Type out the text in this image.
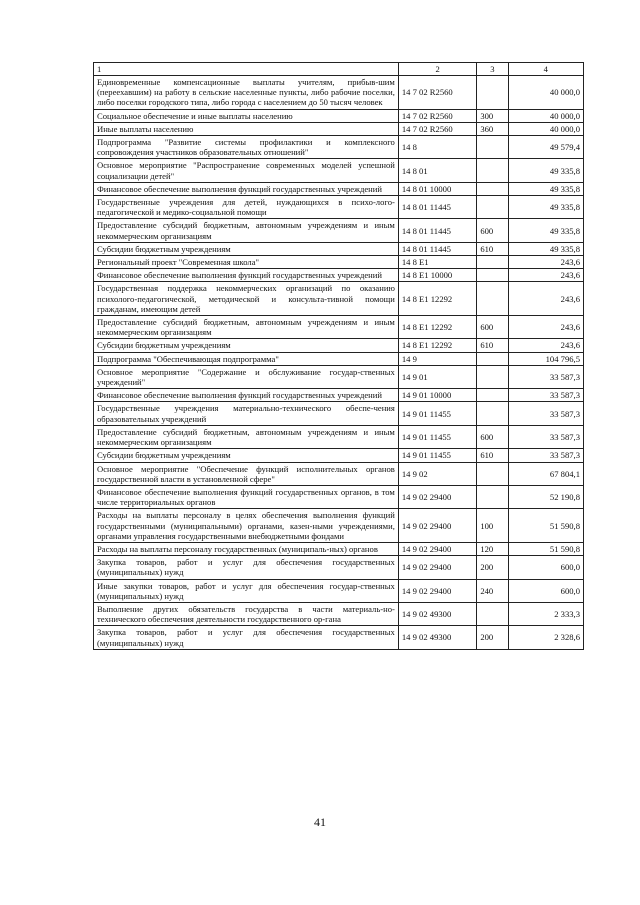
1	2	3	4
Единовременные компенсационные выплаты учителям, прибыв-шим (переехавшим) на работу в сельские населенные пункты, либо рабочие поселки, либо поселки городского типа, либо города с населением до 50 тысяч человек	14 7 02 R2560		40 000,0
Социальное обеспечение и иные выплаты населению	14 7 02 R2560	300	40 000,0
Иные выплаты населению	14 7 02 R2560	360	40 000,0
Подпрограмма "Развитие системы профилактики и комплексного сопровождения участников образовательных отношений"	14 8		49 579,4
Основное мероприятие "Распространение современных моделей успешной социализации детей"	14 8 01		49 335,8
Финансовое обеспечение выполнения функций государственных учреждений	14 8 01 10000		49 335,8
Государственные учреждения для детей, нуждающихся в психо-лого-педагогической и медико-социальной помощи	14 8 01 11445		49 335,8
Предоставление субсидий бюджетным, автономным учреждениям и иным некоммерческим организациям	14 8 01 11445	600	49 335,8
Субсидии бюджетным учреждениям	14 8 01 11445	610	49 335,8
Региональный проект "Современная школа"	14 8 E1		243,6
Финансовое обеспечение выполнения функций государственных учреждений	14 8 E1 10000		243,6
Государственная поддержка некоммерческих организаций по оказанию психолого-педагогической, методической и консульта-тивной помощи гражданам, имеющим детей	14 8 E1 12292		243,6
Предоставление субсидий бюджетным, автономным учреждениям и иным некоммерческим организациям	14 8 E1 12292	600	243,6
Субсидии бюджетным учреждениям	14 8 E1 12292	610	243,6
Подпрограмма "Обеспечивающая подпрограмма"	14 9		104 796,5
Основное мероприятие "Содержание и обслуживание государ-ственных учреждений"	14 9 01		33 587,3
Финансовое обеспечение выполнения функций государственных учреждений	14 9 01 10000		33 587,3
Государственные учреждения материально-технического обеспе-чения образовательных учреждений	14 9 01 11455		33 587,3
Предоставление субсидий бюджетным, автономным учреждениям и иным некоммерческим организациям	14 9 01 11455	600	33 587,3
Субсидии бюджетным учреждениям	14 9 01 11455	610	33 587,3
Основное мероприятие "Обеспечение функций исполнительных органов государственной власти в установленной сфере"	14 9 02		67 804,1
Финансовое обеспечение выполнения функций государственных органов, в том числе территориальных органов	14 9 02 29400		52 190,8
Расходы на выплаты персоналу в целях обеспечения выполнения функций государственными (муниципальными) органами, казен-ными учреждениями, органами управления государственными внебюджетными фондами	14 9 02 29400	100	51 590,8
Расходы на выплаты персоналу государственных (муниципаль-ных) органов	14 9 02 29400	120	51 590,8
Закупка товаров, работ и услуг для обеспечения государственных (муниципальных) нужд	14 9 02 29400	200	600,0
Иные закупки товаров, работ и услуг для обеспечения государ-ственных (муниципальных) нужд	14 9 02 29400	240	600,0
Выполнение других обязательств государства в части материаль-но-технического обеспечения деятельности государственного ор-гана	14 9 02 49300		2 333,3
Закупка товаров, работ и услуг для обеспечения государственных (муниципальных) нужд	14 9 02 49300	200	2 328,6
41
